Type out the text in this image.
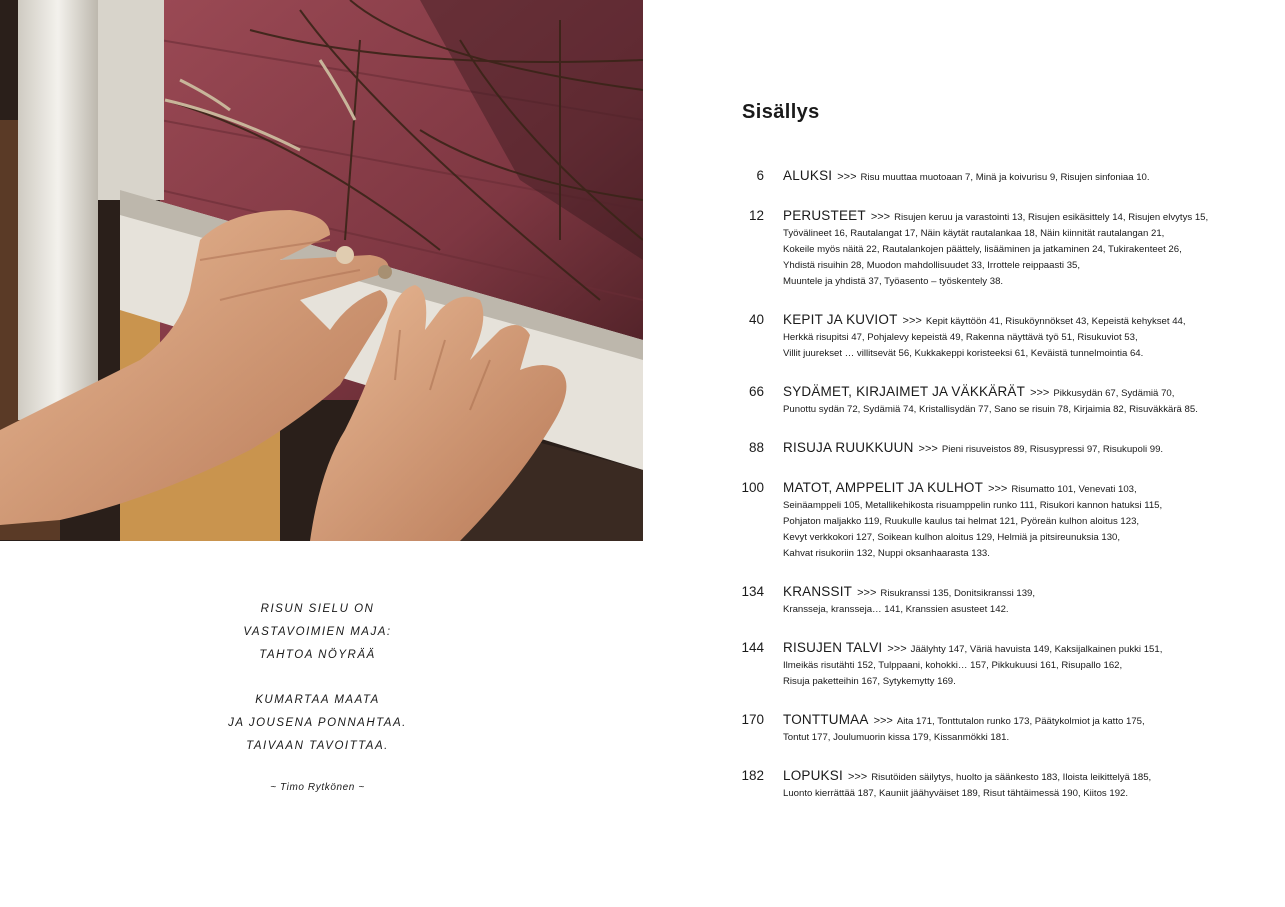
RISUN SIELU ON
VASTAVOIMIEN MAJA:
TAHTOA NÖYRÄÄ
KUMARTAA MAATA
JA JOUSENA PONNAHTAA.
TAIVAAN TAVOITTAA.
~ Timo Rytkönen ~
Sisällys
6 ALUKSI >>> Risu muuttaa muotoaan 7, Minä ja koivurisu 9, Risujen sinfoniaa 10.
12 PERUSTEET >>> Risujen keruu ja varastointi 13, Risujen esikäsittely 14, Risujen elvytys 15,
Työvälineet 16, Rautalangat 17, Näin käytät rautalankaa 18, Näin kiinnität rautalangan 21,
Kokeile myös näitä 22, Rautalankojen päättely, lisääminen ja jatkaminen 24, Tukirakenteet 26,
Yhdistä risuihin 28, Muodon mahdollisuudet 33, Irrottele reippaasti 35,
Muuntele ja yhdistä 37, Työasento – työskentely 38.
40 KEPIT JA KUVIOT >>> Kepit käyttöön 41, Risuköynnökset 43, Kepeistä kehykset 44,
Herkkä risupitsi 47, Pohjalevy kepeistä 49, Rakenna näyttävä työ 51, Risukuviot 53,
Villit juurekset … villitsevät 56, Kukkakeppi koristeeksi 61, Keväistä tunnelmointia 64.
66 SYDÄMET, KIRJAIMET JA VÄKKÄRÄT >>> Pikkusydän 67, Sydämiä 70,
Punottu sydän 72, Sydämiä 74, Kristallisydän 77, Sano se risuin 78, Kirjaimia 82, Risuväkkärä 85.
88 RISUJA RUUKKUUN >>> Pieni risuveistos 89, Risusypressi 97, Risukupoli 99.
100 MATOT, AMPPELIT JA KULHOT >>> Risumatto 101, Venevati 103,
Seinäamppeli 105, Metallikehikosta risuamppelin runko 111, Risukori kannon hatuksi 115,
Pohjaton maljakko 119, Ruukulle kaulus tai helmat 121, Pyöreän kulhon aloitus 123,
Kevyt verkkokori 127, Soikean kulhon aloitus 129, Helmiä ja pitsireunuksia 130,
Kahvat risukoriin 132, Nuppi oksanhaarasta 133.
134 KRANSSIT >>> Risukranssi 135, Donitsikranssi 139,
Kransseja, kransseja… 141, Kranssien asusteet 142.
144 RISUJEN TALVI >>> Jäälyhty 147, Väriä havuista 149, Kaksijalkainen pukki 151,
Ilmeikäs risutähti 152, Tulppaani, kohokki… 157, Pikkukuusi 161, Risupallo 162,
Risuja paketteihin 167, Sytykemytty 169.
170 TONTTUMAA >>> Aita 171, Tonttutalon runko 173, Päätykolmiot ja katto 175,
Tontut 177, Joulumuorin kissa 179, Kissanmökki 181.
182 LOPUKSI >>> Risutöiden säilytys, huolto ja säänkesto 183, Iloista leikittelyä 185,
Luonto kierrättää 187, Kauniit jäähyväiset 189, Risut tähtäimessä 190, Kiitos 192.
